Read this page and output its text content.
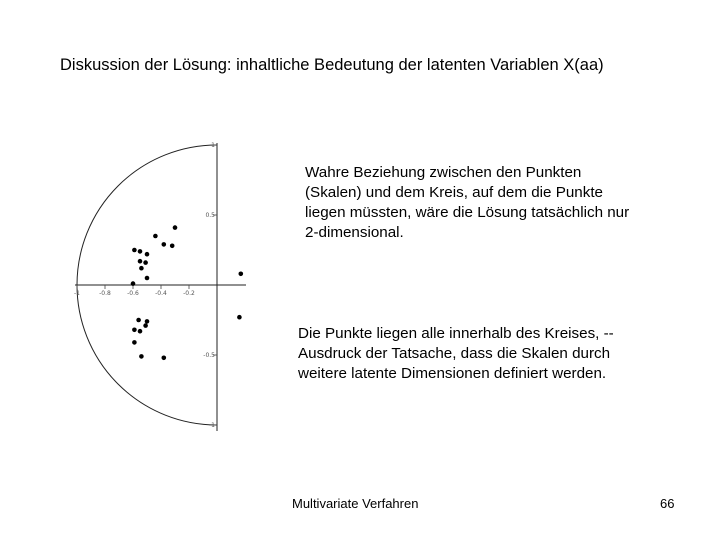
Diskussion der Lösung: inhaltliche Bedeutung der latenten Variablen X(aa)
-1	-0.8	-0.6	-0.4	-0.2
1
0.5
-0.5
-1

Wahre Beziehung zwischen den Punkten

(Skalen) und dem Kreis, auf dem die Punkte

liegen müssten, wäre die Lösung tatsächlich nur

2-dimensional.

Die Punkte liegen alle innerhalb des Kreises, --

Ausdruck der Tatsache, dass die Skalen durch

weitere latente Dimensionen definiert werden.

Multivariate Verfahren	66
